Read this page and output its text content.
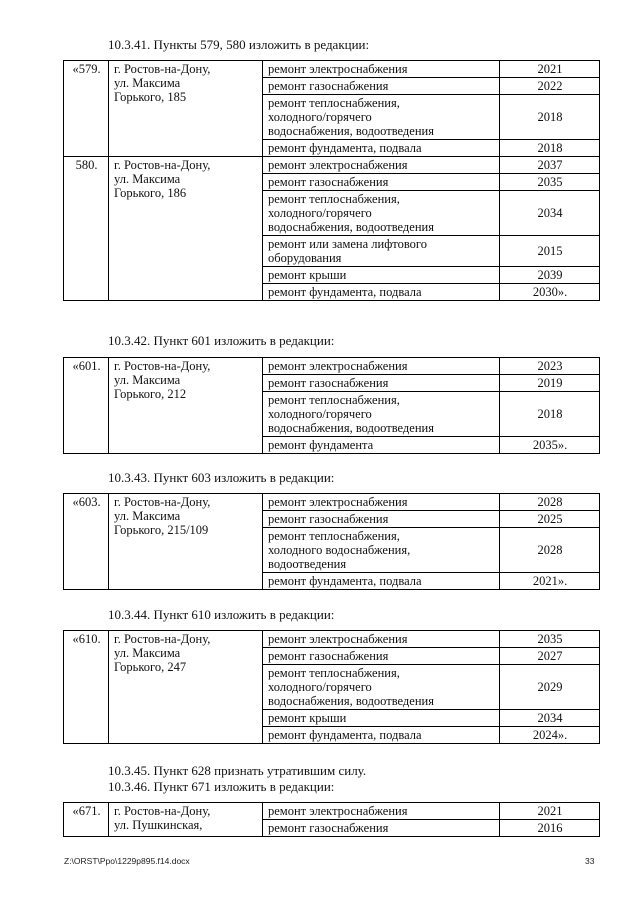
10.3.41. Пункты 579, 580 изложить в редакции:
«579.	г. Ростов-на-Дону,
ул. Максима
Горького, 185	ремонт электроснабжения	2021
		ремонт газоснабжения	2022
		ремонт теплоснабжения,
холодного/горячего
водоснабжения, водоотведения	2018
		ремонт фундамента, подвала	2018
580.	г. Ростов-на-Дону,
ул. Максима
Горького, 186	ремонт электроснабжения	2037
		ремонт газоснабжения	2035
		ремонт теплоснабжения,
холодного/горячего
водоснабжения, водоотведения	2034
		ремонт или замена лифтового
оборудования	2015
		ремонт крыши	2039
		ремонт фундамента, подвала	2030».
10.3.42. Пункт 601 изложить в редакции:
«601.	г. Ростов-на-Дону,
ул. Максима
Горького, 212	ремонт электроснабжения	2023
		ремонт газоснабжения	2019
		ремонт теплоснабжения,
холодного/горячего
водоснабжения, водоотведения	2018
		ремонт фундамента	2035».
10.3.43. Пункт 603 изложить в редакции:
«603.	г. Ростов-на-Дону,
ул. Максима
Горького, 215/109	ремонт электроснабжения	2028
		ремонт газоснабжения	2025
		ремонт теплоснабжения,
холодного водоснабжения,
водоотведения	2028
		ремонт фундамента, подвала	2021».
10.3.44. Пункт 610 изложить в редакции:
«610.	г. Ростов-на-Дону,
ул. Максима
Горького, 247	ремонт электроснабжения	2035
		ремонт газоснабжения	2027
		ремонт теплоснабжения,
холодного/горячего
водоснабжения, водоотведения	2029
		ремонт крыши	2034
		ремонт фундамента, подвала	2024».
10.3.45. Пункт 628 признать утратившим силу.
10.3.46. Пункт 671 изложить в редакции:
«671.	г. Ростов-на-Дону,
ул. Пушкинская,	ремонт электроснабжения	2021
		ремонт газоснабжения	2016
Z:\ORST\Ppo\1229p895.f14.docx	33
